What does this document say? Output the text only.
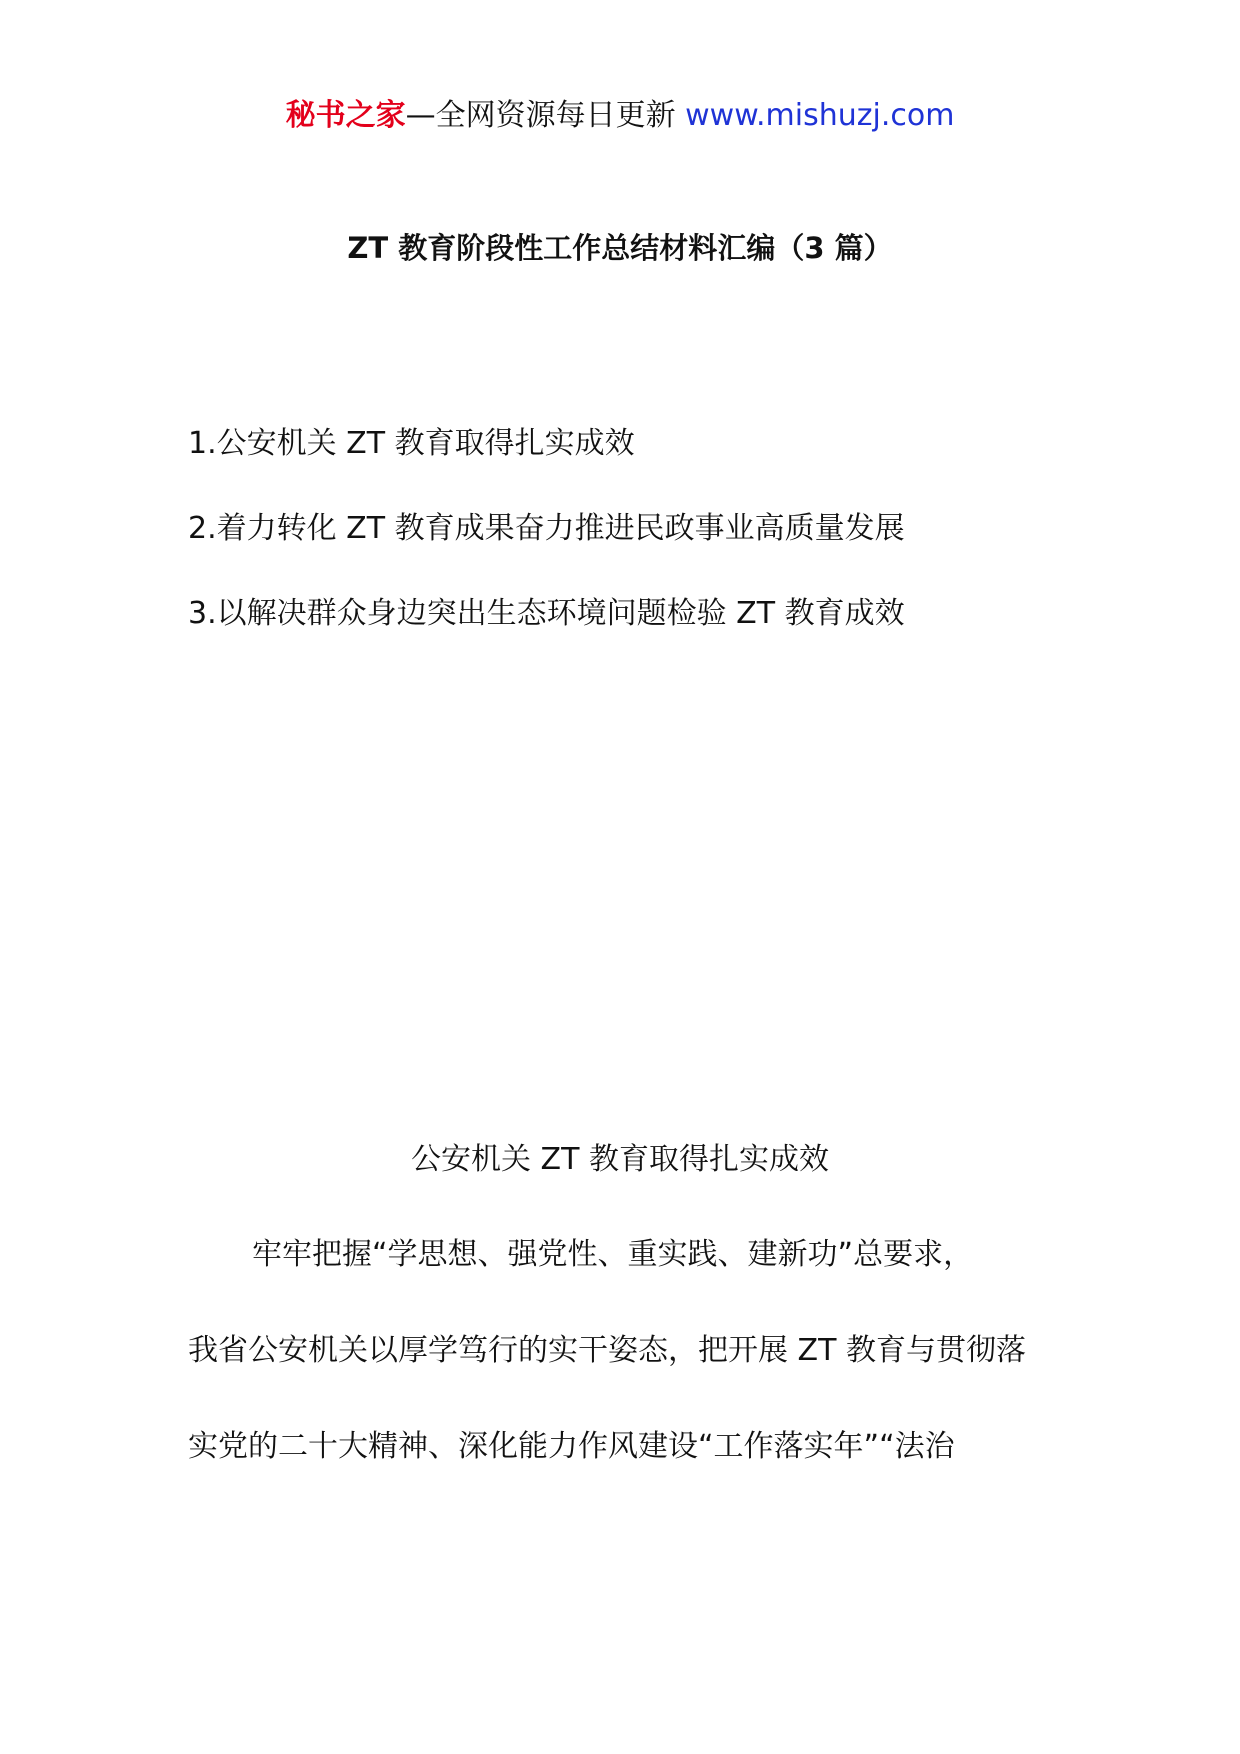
秘书之家—全网资源每日更新 www.mishuzj.com
ZT 教育阶段性工作总结材料汇编（3 篇）
1.公安机关 ZT 教育取得扎实成效
2.着力转化 ZT 教育成果奋力推进民政事业高质量发展
3.以解决群众身边突出生态环境问题检验 ZT 教育成效
公安机关 ZT 教育取得扎实成效
牢牢把握“学思想、强党性、重实践、建新功”总要求，
我省公安机关以厚学笃行的实干姿态，把开展 ZT 教育与贯彻落
实党的二十大精神、深化能力作风建设“工作落实年”“法治
